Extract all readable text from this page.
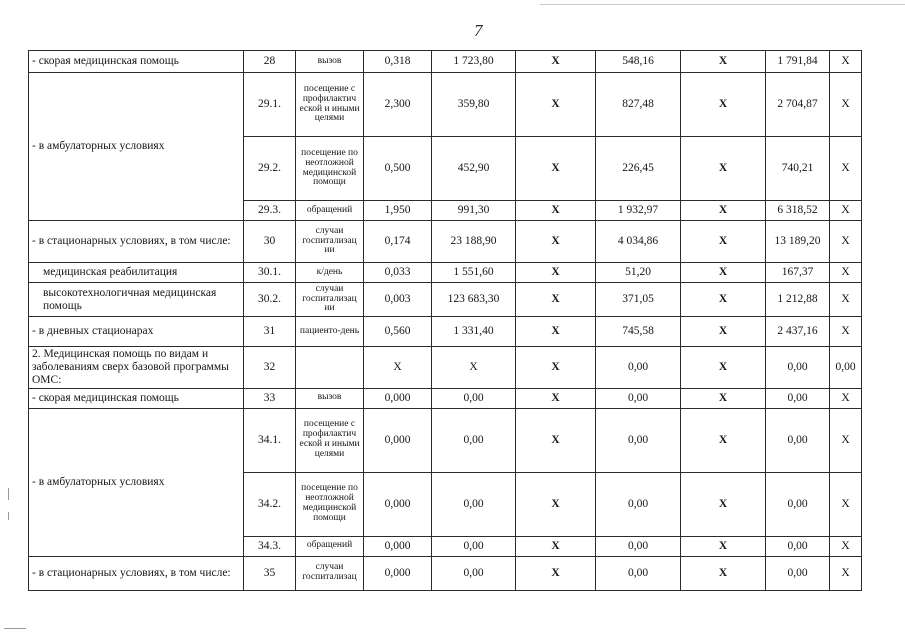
7
- скорая медицинская помощь	28	вызов	0,318	1 723,80	Х	548,16	Х	1 791,84	Х
- в амбулаторных условиях	29.1.	посещение с профилактич еской и иными целями	2,300	359,80	Х	827,48	Х	2 704,87	Х
	29.2.	посещение по неотложной медицинской помощи	0,500	452,90	Х	226,45	Х	740,21	Х
	29.3.	обращений	1,950	991,30	Х	1 932,97	Х	6 318,52	Х
- в стационарных условиях, в том числе:	30	случаи госпитализац ии	0,174	23 188,90	Х	4 034,86	Х	13 189,20	Х
медицинская реабилитация	30.1.	к/день	0,033	1 551,60	Х	51,20	Х	167,37	Х
высокотехнологичная медицинская помощь	30.2.	случаи госпитализац ии	0,003	123 683,30	Х	371,05	Х	1 212,88	Х
- в дневных стационарах	31	пациенто-день	0,560	1 331,40	Х	745,58	Х	2 437,16	Х
2. Медицинская помощь по видам и заболеваниям сверх базовой программы ОМС:	32		Х	Х	Х	0,00	Х	0,00	0,00
- скорая медицинская помощь	33	вызов	0,000	0,00	Х	0,00	Х	0,00	Х
- в амбулаторных условиях	34.1.	посещение с профилактич еской и иными целями	0,000	0,00	Х	0,00	Х	0,00	Х
	34.2.	посещение по неотложной медицинской помощи	0,000	0,00	Х	0,00	Х	0,00	Х
	34.3.	обращений	0,000	0,00	Х	0,00	Х	0,00	Х
- в стационарных условиях, в том числе:	35	случаи госпитализац	0,000	0,00	Х	0,00	Х	0,00	Х
